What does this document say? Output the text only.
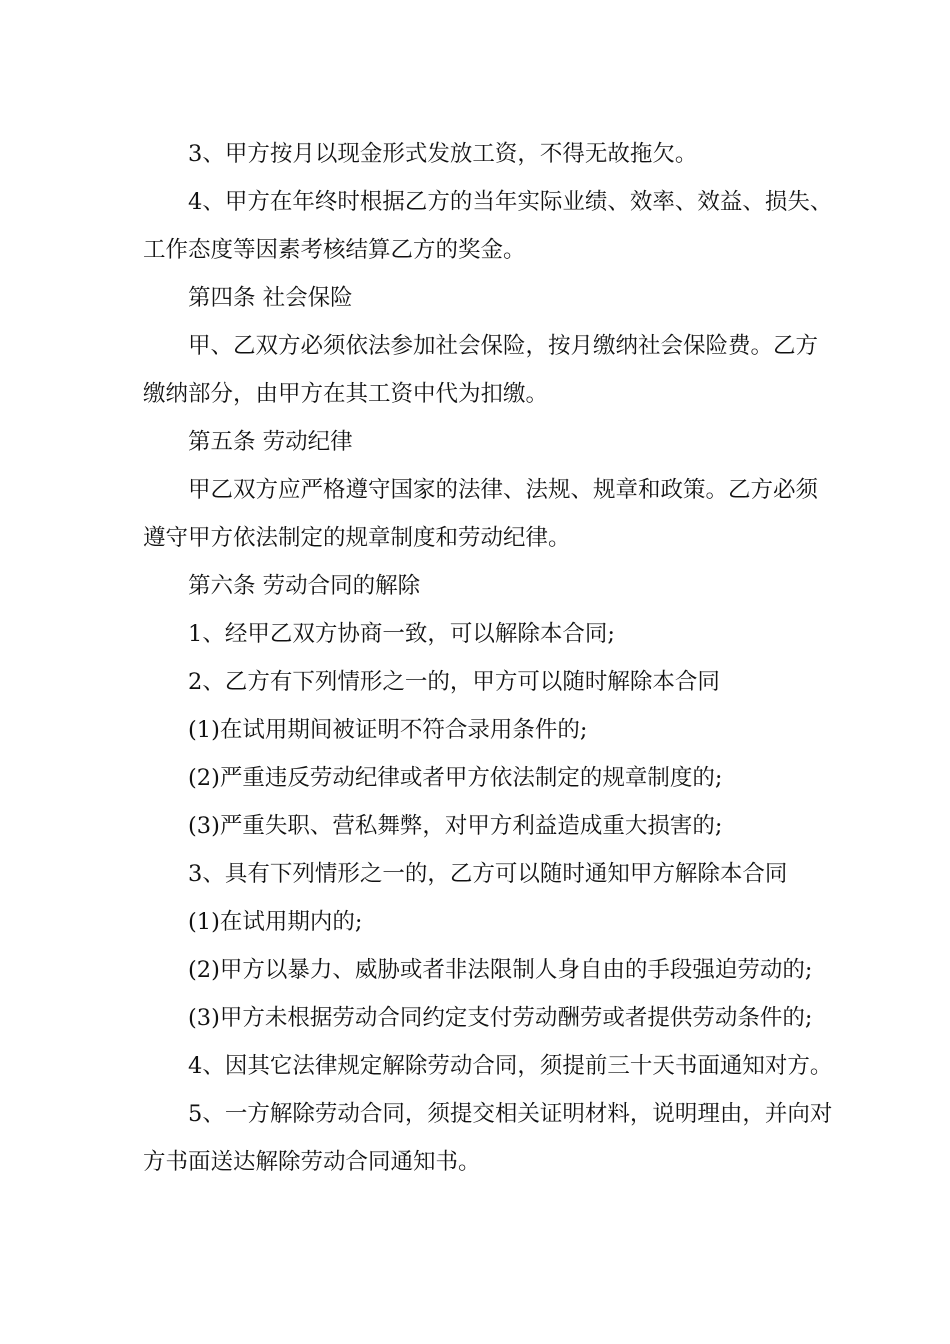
3、甲方按月以现金形式发放工资，不得无故拖欠。

4、甲方在年终时根据乙方的当年实际业绩、效率、效益、损失、工作态度等因素考核结算乙方的奖金。

第四条 社会保险

甲、乙双方必须依法参加社会保险，按月缴纳社会保险费。乙方缴纳部分，由甲方在其工资中代为扣缴。

第五条 劳动纪律

甲乙双方应严格遵守国家的法律、法规、规章和政策。乙方必须遵守甲方依法制定的规章制度和劳动纪律。

第六条 劳动合同的解除

1、经甲乙双方协商一致，可以解除本合同;

2、乙方有下列情形之一的，甲方可以随时解除本合同

(1)在试用期间被证明不符合录用条件的;

(2)严重违反劳动纪律或者甲方依法制定的规章制度的;

(3)严重失职、营私舞弊，对甲方利益造成重大损害的;

3、具有下列情形之一的，乙方可以随时通知甲方解除本合同

(1)在试用期内的;

(2)甲方以暴力、威胁或者非法限制人身自由的手段强迫劳动的;

(3)甲方未根据劳动合同约定支付劳动酬劳或者提供劳动条件的;

4、因其它法律规定解除劳动合同，须提前三十天书面通知对方。

5、一方解除劳动合同，须提交相关证明材料，说明理由，并向对方书面送达解除劳动合同通知书。
